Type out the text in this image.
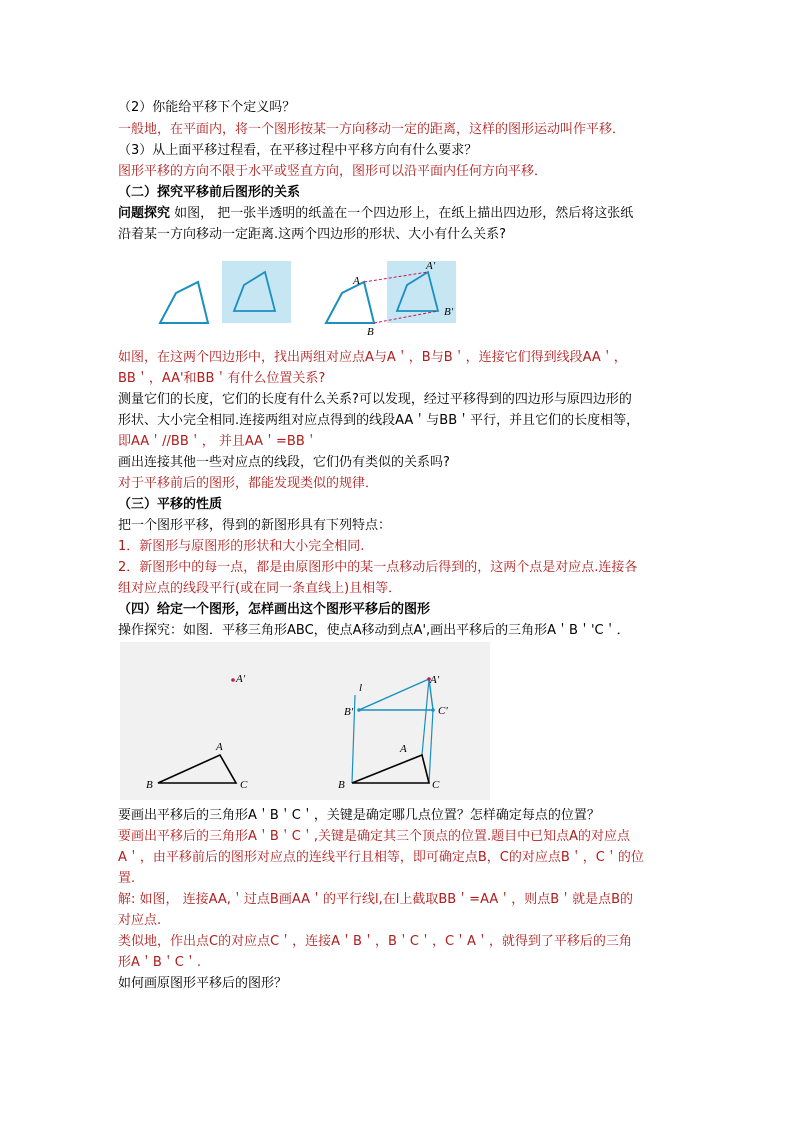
（2）你能给平移下个定义吗？
一般地，在平面内，将一个图形按某一方向移动一定的距离，这样的图形运动叫作平移．
（3）从上面平移过程看，在平移过程中平移方向有什么要求？
图形平移的方向不限于水平或竖直方向，图形可以沿平面内任何方向平移．
（二）探究平移前后图形的关系
问题探究 如图， 把一张半透明的纸盖在一个四边形上，在纸上描出四边形，然后将这张纸
沿着某一方向移动一定距离.这两个四边形的形状、大小有什么关系?
A
B
A′
B′
如图，在这两个四边形中，找出两组对应点A与A＇，B与B＇，连接它们得到线段AA＇，
BB＇，AA'和BB＇有什么位置关系?
测量它们的长度，它们的长度有什么关系?可以发现，经过平移得到的四边形与原四边形的
形状、大小完全相同.连接两组对应点得到的线段AA＇与BB＇平行，并且它们的长度相等，
即AA＇//BB＇， 并且AA＇=BB＇
画出连接其他一些对应点的线段，它们仍有类似的关系吗?
对于平移前后的图形，都能发现类似的规律．
（三）平移的性质
把一个图形平移，得到的新图形具有下列特点：
1．新图形与原图形的形状和大小完全相同.
2．新图形中的每一点，都是由原图形中的某一点移动后得到的，这两个点是对应点.连接各
组对应点的线段平行(或在同一条直线上)且相等．
（四）给定一个图形，怎样画出这个图形平移后的图形
操作探究：如图．平移三角形ABC，使点A移动到点A',画出平移后的三角形A＇B＇'C＇．
A′
A
B	C
l
A′
B′	C′
A
B	C
要画出平移后的三角形A＇B＇C＇，关键是确定哪几点位置？怎样确定每点的位置？
要画出平移后的三角形A＇B＇C＇,关键是确定其三个顶点的位置.题目中已知点A的对应点
A＇，由平移前后的图形对应点的连线平行且相等，即可确定点B，C的对应点B＇，C＇的位
置.
解: 如图， 连接AA,＇过点B画AA＇的平行线l,在l上截取BB＇=AA＇，则点B＇就是点B的
对应点.
类似地，作出点C的对应点C＇，连接A＇B＇，B＇C＇，C＇A＇，就得到了平移后的三角
形A＇B＇C＇.
如何画原图形平移后的图形？
